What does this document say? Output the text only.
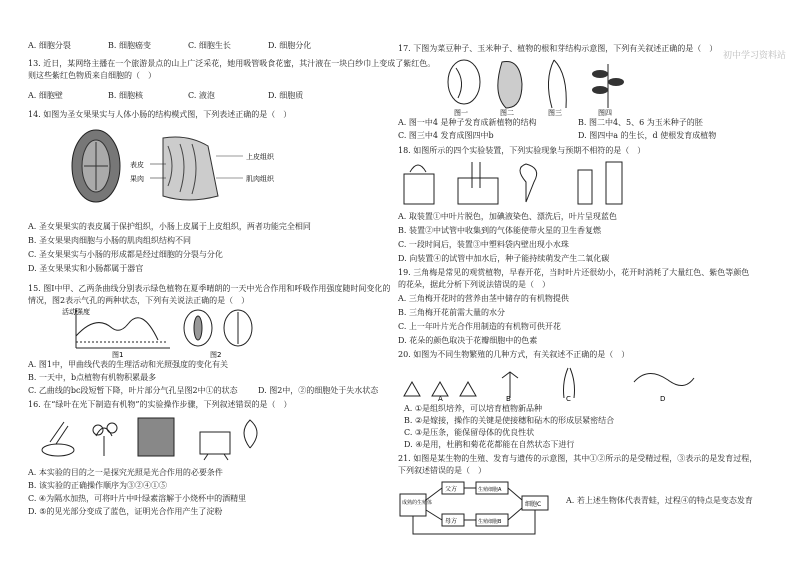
初中学习资料站
A. 细胞分裂	B. 细胞癌变	C. 细胞生长	D. 细胞分化
13. 近日，某网络主播在一个旅游景点的山上广泛采花，她用吸管吸食花蜜，其汁液在一块白纱巾上变成了紫红色。
则这些紫红色物质来自细胞的（　）
A. 细胞壁	B. 细胞核	C. 液泡	D. 细胞质
14. 如图为圣女果果实与人体小肠的结构模式图，下列表述正确的是（　）
表皮
果肉
上皮组织
肌肉组织
A. 圣女果果实的表皮属于保护组织，小肠上皮属于上皮组织，两者功能完全相同
B. 圣女果果肉细胞与小肠的肌肉组织结构不同
C. 圣女果果实与小肠的形成都是经过细胞的分裂与分化
D. 圣女果果实和小肠都属于器官
15. 图Ⅰ中甲、乙两条曲线分别表示绿色植物在夏季晴朗的一天中光合作用和呼吸作用强度随时间变化的
情况，图2表示气孔的两种状态，下列有关说法正确的是（　）
活动强度
图1	图2
A. 图1中，甲曲线代表的生理活动和光照强度的变化有关
B. 一天中，b点植物有机物积累最多
C. 乙曲线的bc段短暂下降，叶片部分气孔呈图2中①的状态	D. 图2中，②的细胞处于失水状态
16. 在“绿叶在光下制造有机物”的实验操作步骤，下列叙述错误的是（　）
A. 本实验的目的之一是探究光照是光合作用的必要条件
B. 该实验的正确操作顺序为③②④①⑤
C. ④为隔水加热，可将叶片中叶绿素溶解于小烧杯中的酒精里
D. ⑤的见光部分变成了蓝色，证明光合作用产生了淀粉
17. 下图为菜豆种子、玉米种子、植物的根和芽结构示意图，下列有关叙述正确的是（　）
图一	图二	图三	图四
A. 图一中4 是种子发育成新植物的结构	B. 图二中4、5、6 为玉米种子的胚
C. 图三中4 发育成图四中b	D. 图四中a 的生长，d 使根发育成植物
18. 如图所示的四个实验装置，下列实验现象与预期不相符的是（　）
A. 取装置①中叶片脱色，加碘液染色、漂洗后，叶片呈现蓝色
B. 装置②中试管中收集到的气体能使带火星的卫生香复燃
C. 一段时间后，装置③中塑料袋内壁出现小水珠
D. 向装置④的试管中加水后，种子能持续萌发产生二氧化碳
19. 三角梅是常见的观赏植物，早春开花，当时叶片还很幼小，花开时消耗了大量红色、紫色等颜色
的花朵，据此分析下列说法错误的是（　）
A. 三角梅开花时的营养由茎中储存的有机物提供
B. 三角梅开花前需大量的水分
C. 上一年叶片光合作用制造的有机物可供开花
D. 花朵的颜色取决于花瓣细胞中的色素
20. 如图为不同生物繁殖的几种方式，有关叙述不正确的是（　）
A	B	C	D
A. ①是组织培养，可以培育植物新品种
B. ②是嫁接，操作的关键是使接穗和砧木的形成层紧密结合
C. ③是压条，能保留母体的优良性状
D. ④是用，杜鹃和菊花花都能在自然状态下进行
21. 如图是某生物的生殖、发育与遗传的示意图，其中①②所示的是受精过程，③表示的是发育过程，
下列叙述错误的是（　）
成熟的生殖体
父方
母方
生殖细胞A
生殖细胞B
细胞C	A. 若上述生物体代表青蛙，过程④的特点是变态发育
